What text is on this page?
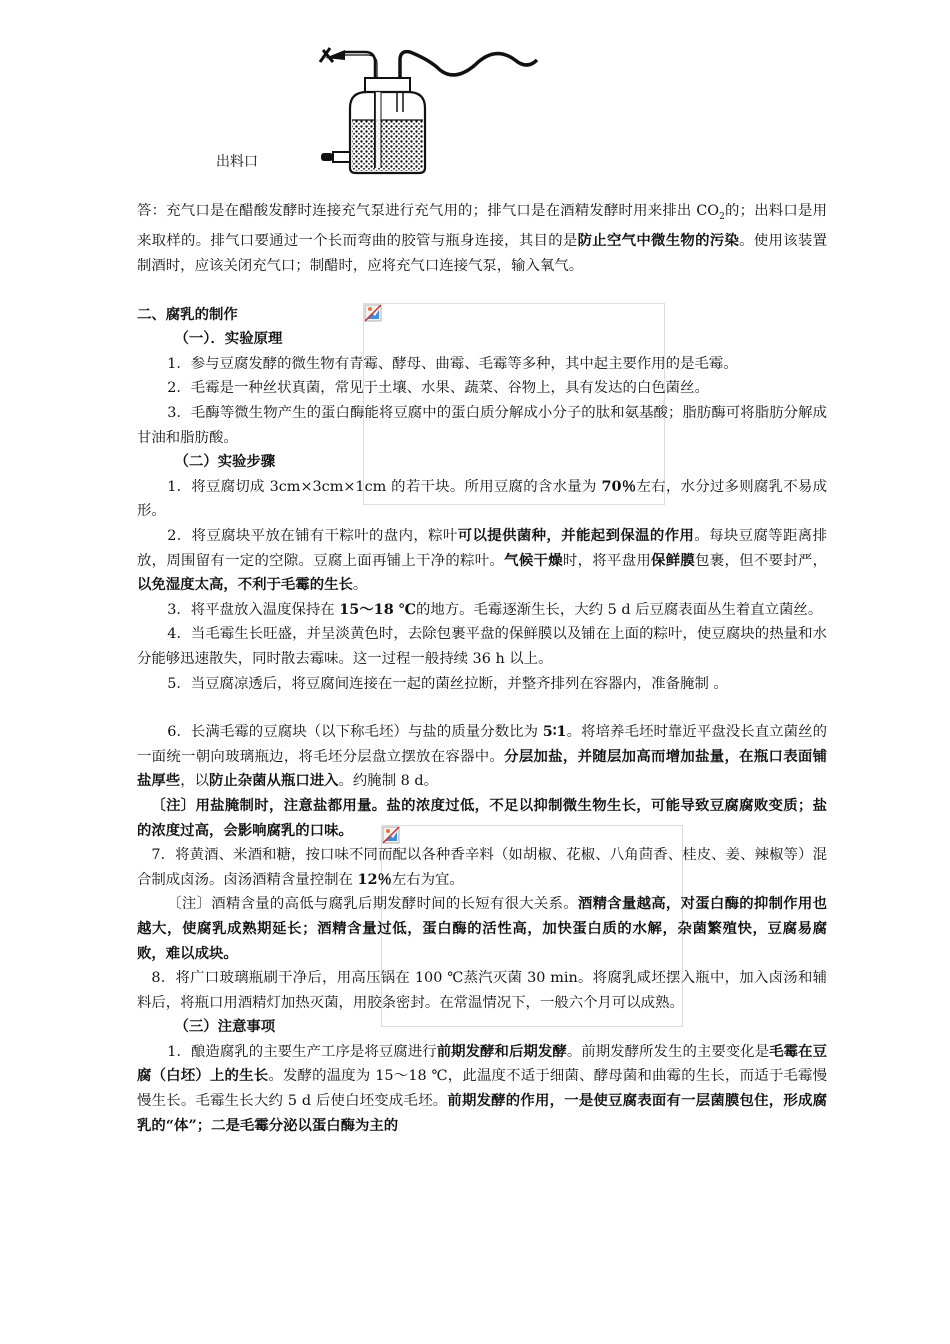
出料口

答：充气口是在醋酸发酵时连接充气泵进行充气用的；排气口是在酒精发酵时用来排出 $CO_2$的；出料口是用来取样的。排气口要通过一个长而弯曲的胶管与瓶身连接，其目的是防止空气中微生物的污染。使用该装置制酒时，应该关闭充气口；制醋时，应将充气口连接气泵，输入氧气。

二、腐乳的制作

（一）．实验原理

1．参与豆腐发酵的微生物有青霉、酵母、曲霉、毛霉等多种，其中起主要作用的是毛霉。

2．毛霉是一种丝状真菌，常见于土壤、水果、蔬菜、谷物上，具有发达的白色菌丝。

3．毛酶等微生物产生的蛋白酶能将豆腐中的蛋白质分解成小分子的肽和氨基酸；脂肪酶可将脂肪分解成甘油和脂肪酸。

（二）实验步骤

1．将豆腐切成 3cm×3cm×1cm 的若干块。所用豆腐的含水量为 70％左右，水分过多则腐乳不易成形。

2．将豆腐块平放在铺有干粽叶的盘内，粽叶可以提供菌种，并能起到保温的作用。每块豆腐等距离排放，周围留有一定的空隙。豆腐上面再铺上干净的粽叶。气候干燥时，将平盘用保鲜膜包裹，但不要封严，以免湿度太高，不利于毛霉的生长。

3．将平盘放入温度保持在 15～18 ℃的地方。毛霉逐渐生长，大约 5 d 后豆腐表面丛生着直立菌丝。

4．当毛霉生长旺盛，并呈淡黄色时，去除包裹平盘的保鲜膜以及铺在上面的粽叶，使豆腐块的热量和水分能够迅速散失，同时散去霉味。这一过程一般持续 36 h 以上。

5．当豆腐凉透后，将豆腐间连接在一起的菌丝拉断，并整齐排列在容器内，准备腌制 。

6．长满毛霉的豆腐块（以下称毛坯）与盐的质量分数比为 5∶1。将培养毛坯时靠近平盘没长直立菌丝的一面统一朝向玻璃瓶边，将毛坯分层盘立摆放在容器中。分层加盐，并随层加高而增加盐量，在瓶口表面铺盐厚些，以防止杂菌从瓶口进入。约腌制 8 d。

〔注〕用盐腌制时，注意盐都用量。盐的浓度过低，不足以抑制微生物生长，可能导致豆腐腐败变质；盐的浓度过高，会影响腐乳的口味。

7．将黄酒、米酒和糖，按口味不同而配以各种香辛料（如胡椒、花椒、八角茴香、桂皮、姜、辣椒等）混合制成卤汤。卤汤酒精含量控制在 12％左右为宜。

〔注〕酒精含量的高低与腐乳后期发酵时间的长短有很大关系。酒精含量越高，对蛋白酶的抑制作用也越大，使腐乳成熟期延长；酒精含量过低，蛋白酶的活性高，加快蛋白质的水解，杂菌繁殖快，豆腐易腐败，难以成块。

8．将广口玻璃瓶刷干净后，用高压锅在 100 ℃蒸汽灭菌 30 min。将腐乳咸坯摆入瓶中，加入卤汤和辅料后，将瓶口用酒精灯加热灭菌，用胶条密封。在常温情况下，一般六个月可以成熟。

（三）注意事项

1．酿造腐乳的主要生产工序是将豆腐进行前期发酵和后期发酵。前期发酵所发生的主要变化是毛霉在豆腐（白坯）上的生长。发酵的温度为 15～18 ℃，此温度不适于细菌、酵母菌和曲霉的生长，而适于毛霉慢慢生长。毛霉生长大约 5 d 后使白坯变成毛坯。前期发酵的作用，一是使豆腐表面有一层菌膜包住，形成腐乳的“体”；二是毛霉分泌以蛋白酶为主的
